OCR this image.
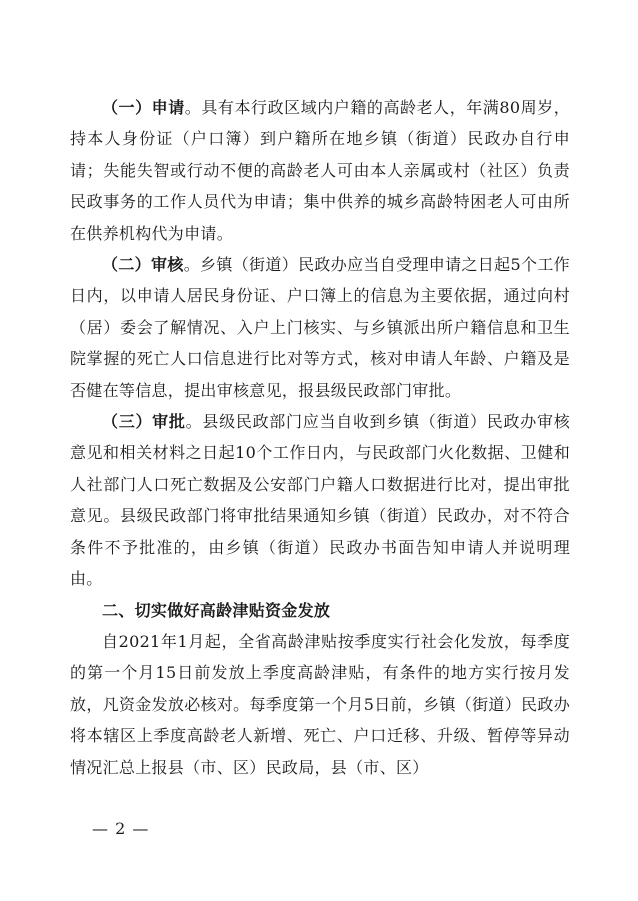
（一）申请。具有本行政区域内户籍的高龄老人，年满80周岁，持本人身份证（户口簿）到户籍所在地乡镇（街道）民政办自行申请；失能失智或行动不便的高龄老人可由本人亲属或村（社区）负责民政事务的工作人员代为申请；集中供养的城乡高龄特困老人可由所在供养机构代为申请。

（二）审核。乡镇（街道）民政办应当自受理申请之日起5个工作日内，以申请人居民身份证、户口簿上的信息为主要依据，通过向村（居）委会了解情况、入户上门核实、与乡镇派出所户籍信息和卫生院掌握的死亡人口信息进行比对等方式，核对申请人年龄、户籍及是否健在等信息，提出审核意见，报县级民政部门审批。

（三）审批。县级民政部门应当自收到乡镇（街道）民政办审核意见和相关材料之日起10个工作日内，与民政部门火化数据、卫健和人社部门人口死亡数据及公安部门户籍人口数据进行比对，提出审批意见。县级民政部门将审批结果通知乡镇（街道）民政办，对不符合条件不予批准的，由乡镇（街道）民政办书面告知申请人并说明理由。

二、切实做好高龄津贴资金发放

自2021年1月起，全省高龄津贴按季度实行社会化发放，每季度的第一个月15日前发放上季度高龄津贴，有条件的地方实行按月发放，凡资金发放必核对。每季度第一个月5日前，乡镇（街道）民政办将本辖区上季度高龄老人新增、死亡、户口迁移、升级、暂停等异动情况汇总上报县（市、区）民政局，县（市、区）

— 2 —
